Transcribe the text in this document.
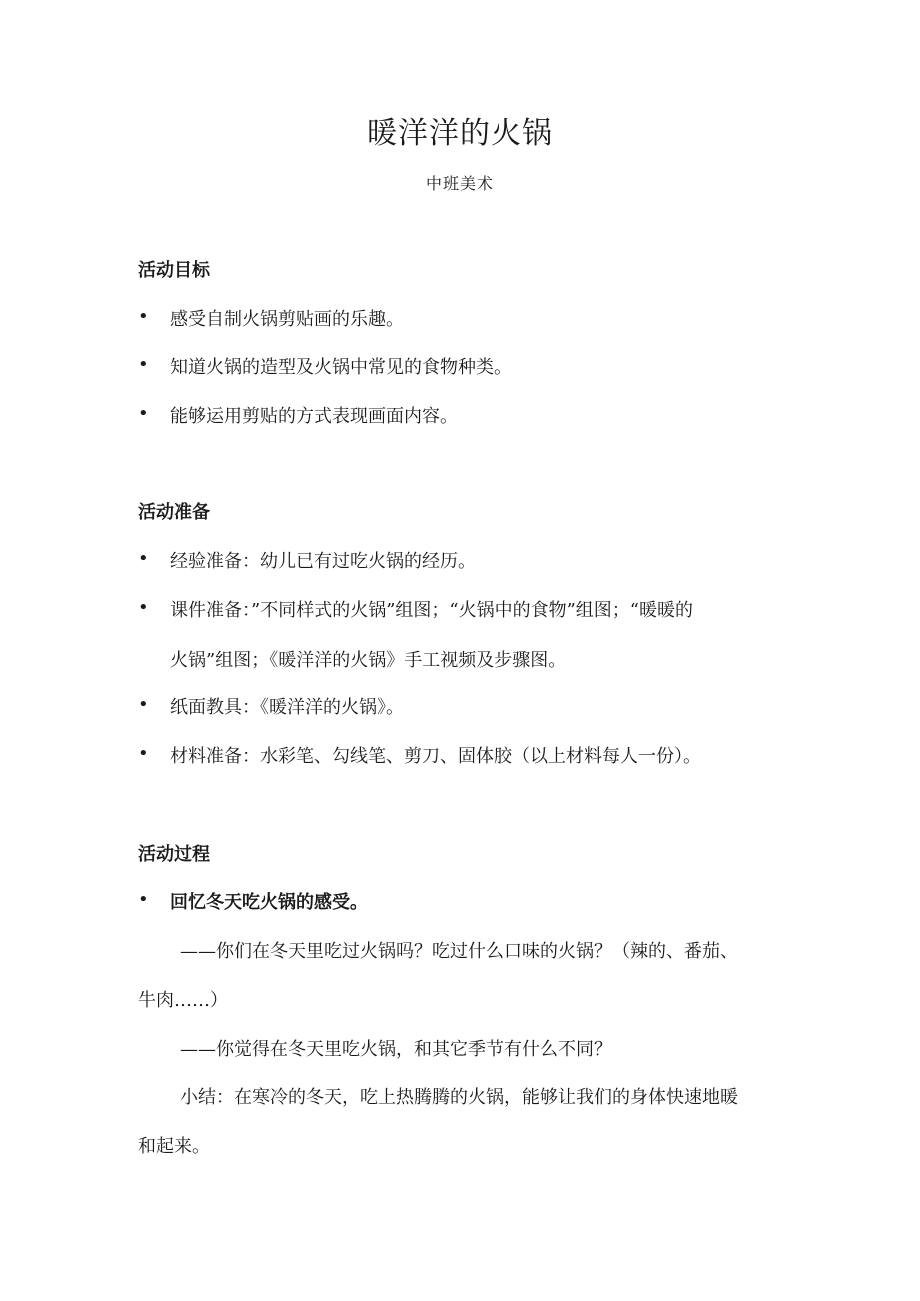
暖洋洋的火锅
中班美术
活动目标
• 感受自制火锅剪贴画的乐趣。
• 知道火锅的造型及火锅中常见的食物种类。
• 能够运用剪贴的方式表现画面内容。
活动准备
• 经验准备：幼儿已有过吃火锅的经历。
• 课件准备：”不同样式的火锅”组图；“火锅中的食物”组图；“暖暖的
火锅”组图；《暖洋洋的火锅》手工视频及步骤图。
• 纸面教具：《暖洋洋的火锅》。
• 材料准备：水彩笔、勾线笔、剪刀、固体胶（以上材料每人一份）。
活动过程
• 回忆冬天吃火锅的感受。
——你们在冬天里吃过火锅吗？吃过什么口味的火锅？（辣的、番茄、
牛肉……）
——你觉得在冬天里吃火锅，和其它季节有什么不同？
小结：在寒冷的冬天，吃上热腾腾的火锅，能够让我们的身体快速地暖
和起来。
